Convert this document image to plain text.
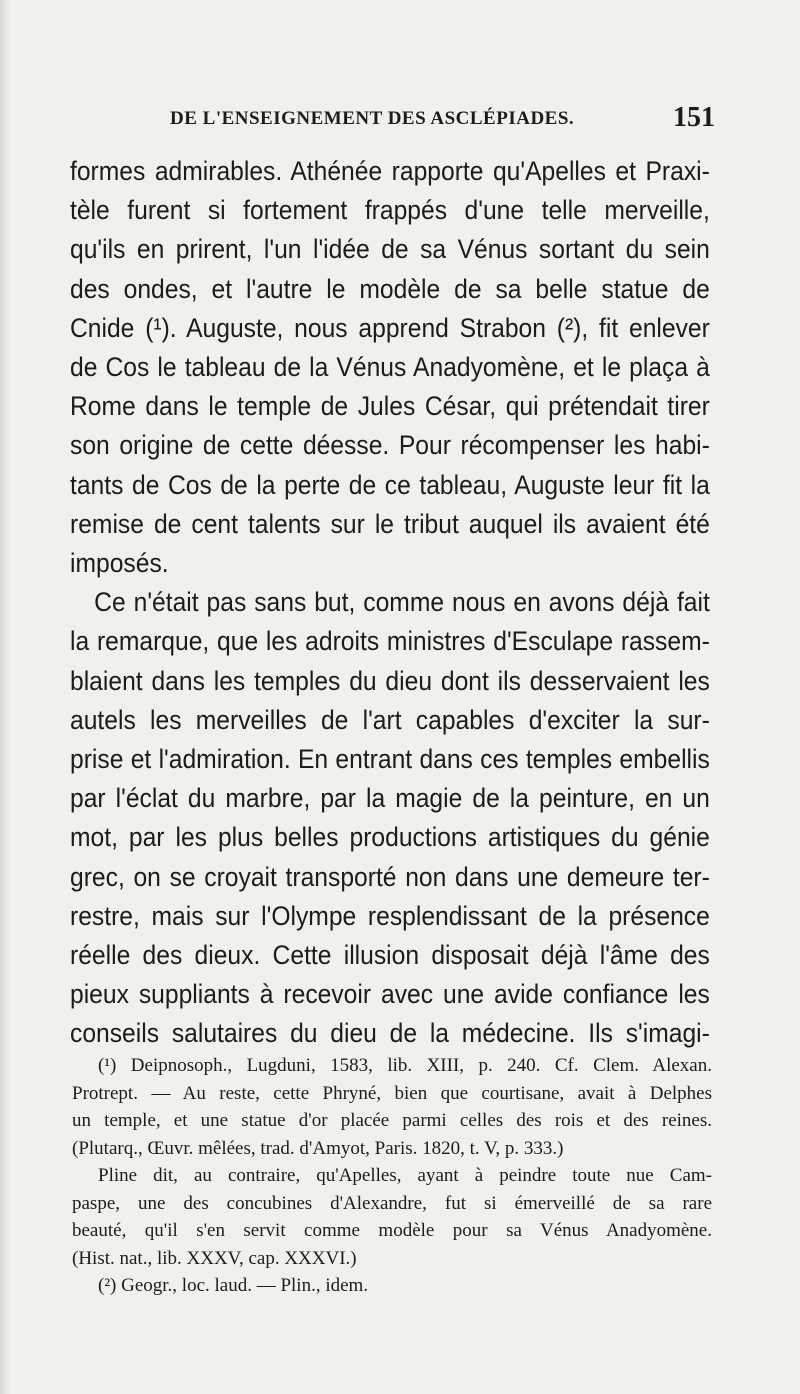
DE L'ENSEIGNEMENT DES ASCLÉPIADES.	151
formes admirables. Athénée rapporte qu'Apelles et Praxi-
tèle furent si fortement frappés d'une telle merveille,
qu'ils en prirent, l'un l'idée de sa Vénus sortant du sein
des ondes, et l'autre le modèle de sa belle statue de
Cnide (¹). Auguste, nous apprend Strabon (²), fit enlever
de Cos le tableau de la Vénus Anadyomène, et le plaça à
Rome dans le temple de Jules César, qui prétendait tirer
son origine de cette déesse. Pour récompenser les habi-
tants de Cos de la perte de ce tableau, Auguste leur fit la
remise de cent talents sur le tribut auquel ils avaient été
imposés.
Ce n'était pas sans but, comme nous en avons déjà fait
la remarque, que les adroits ministres d'Esculape rassem-
blaient dans les temples du dieu dont ils desservaient les
autels les merveilles de l'art capables d'exciter la sur-
prise et l'admiration. En entrant dans ces temples embellis
par l'éclat du marbre, par la magie de la peinture, en un
mot, par les plus belles productions artistiques du génie
grec, on se croyait transporté non dans une demeure ter-
restre, mais sur l'Olympe resplendissant de la présence
réelle des dieux. Cette illusion disposait déjà l'âme des
pieux suppliants à recevoir avec une avide confiance les
conseils salutaires du dieu de la médecine. Ils s'imagi-
(¹) Deipnosoph., Lugduni, 1583, lib. XIII, p. 240. Cf. Clem. Alexan.
Protrept. — Au reste, cette Phryné, bien que courtisane, avait à Delphes
un temple, et une statue d'or placée parmi celles des rois et des reines.
(Plutarq., Œuvr. mêlées, trad. d'Amyot, Paris. 1820, t. V, p. 333.)
Pline dit, au contraire, qu'Apelles, ayant à peindre toute nue Cam-
paspe, une des concubines d'Alexandre, fut si émerveillé de sa rare
beauté, qu'il s'en servit comme modèle pour sa Vénus Anadyomène.
(Hist. nat., lib. XXXV, cap. XXXVI.)
(²) Geogr., loc. laud. — Plin., idem.
